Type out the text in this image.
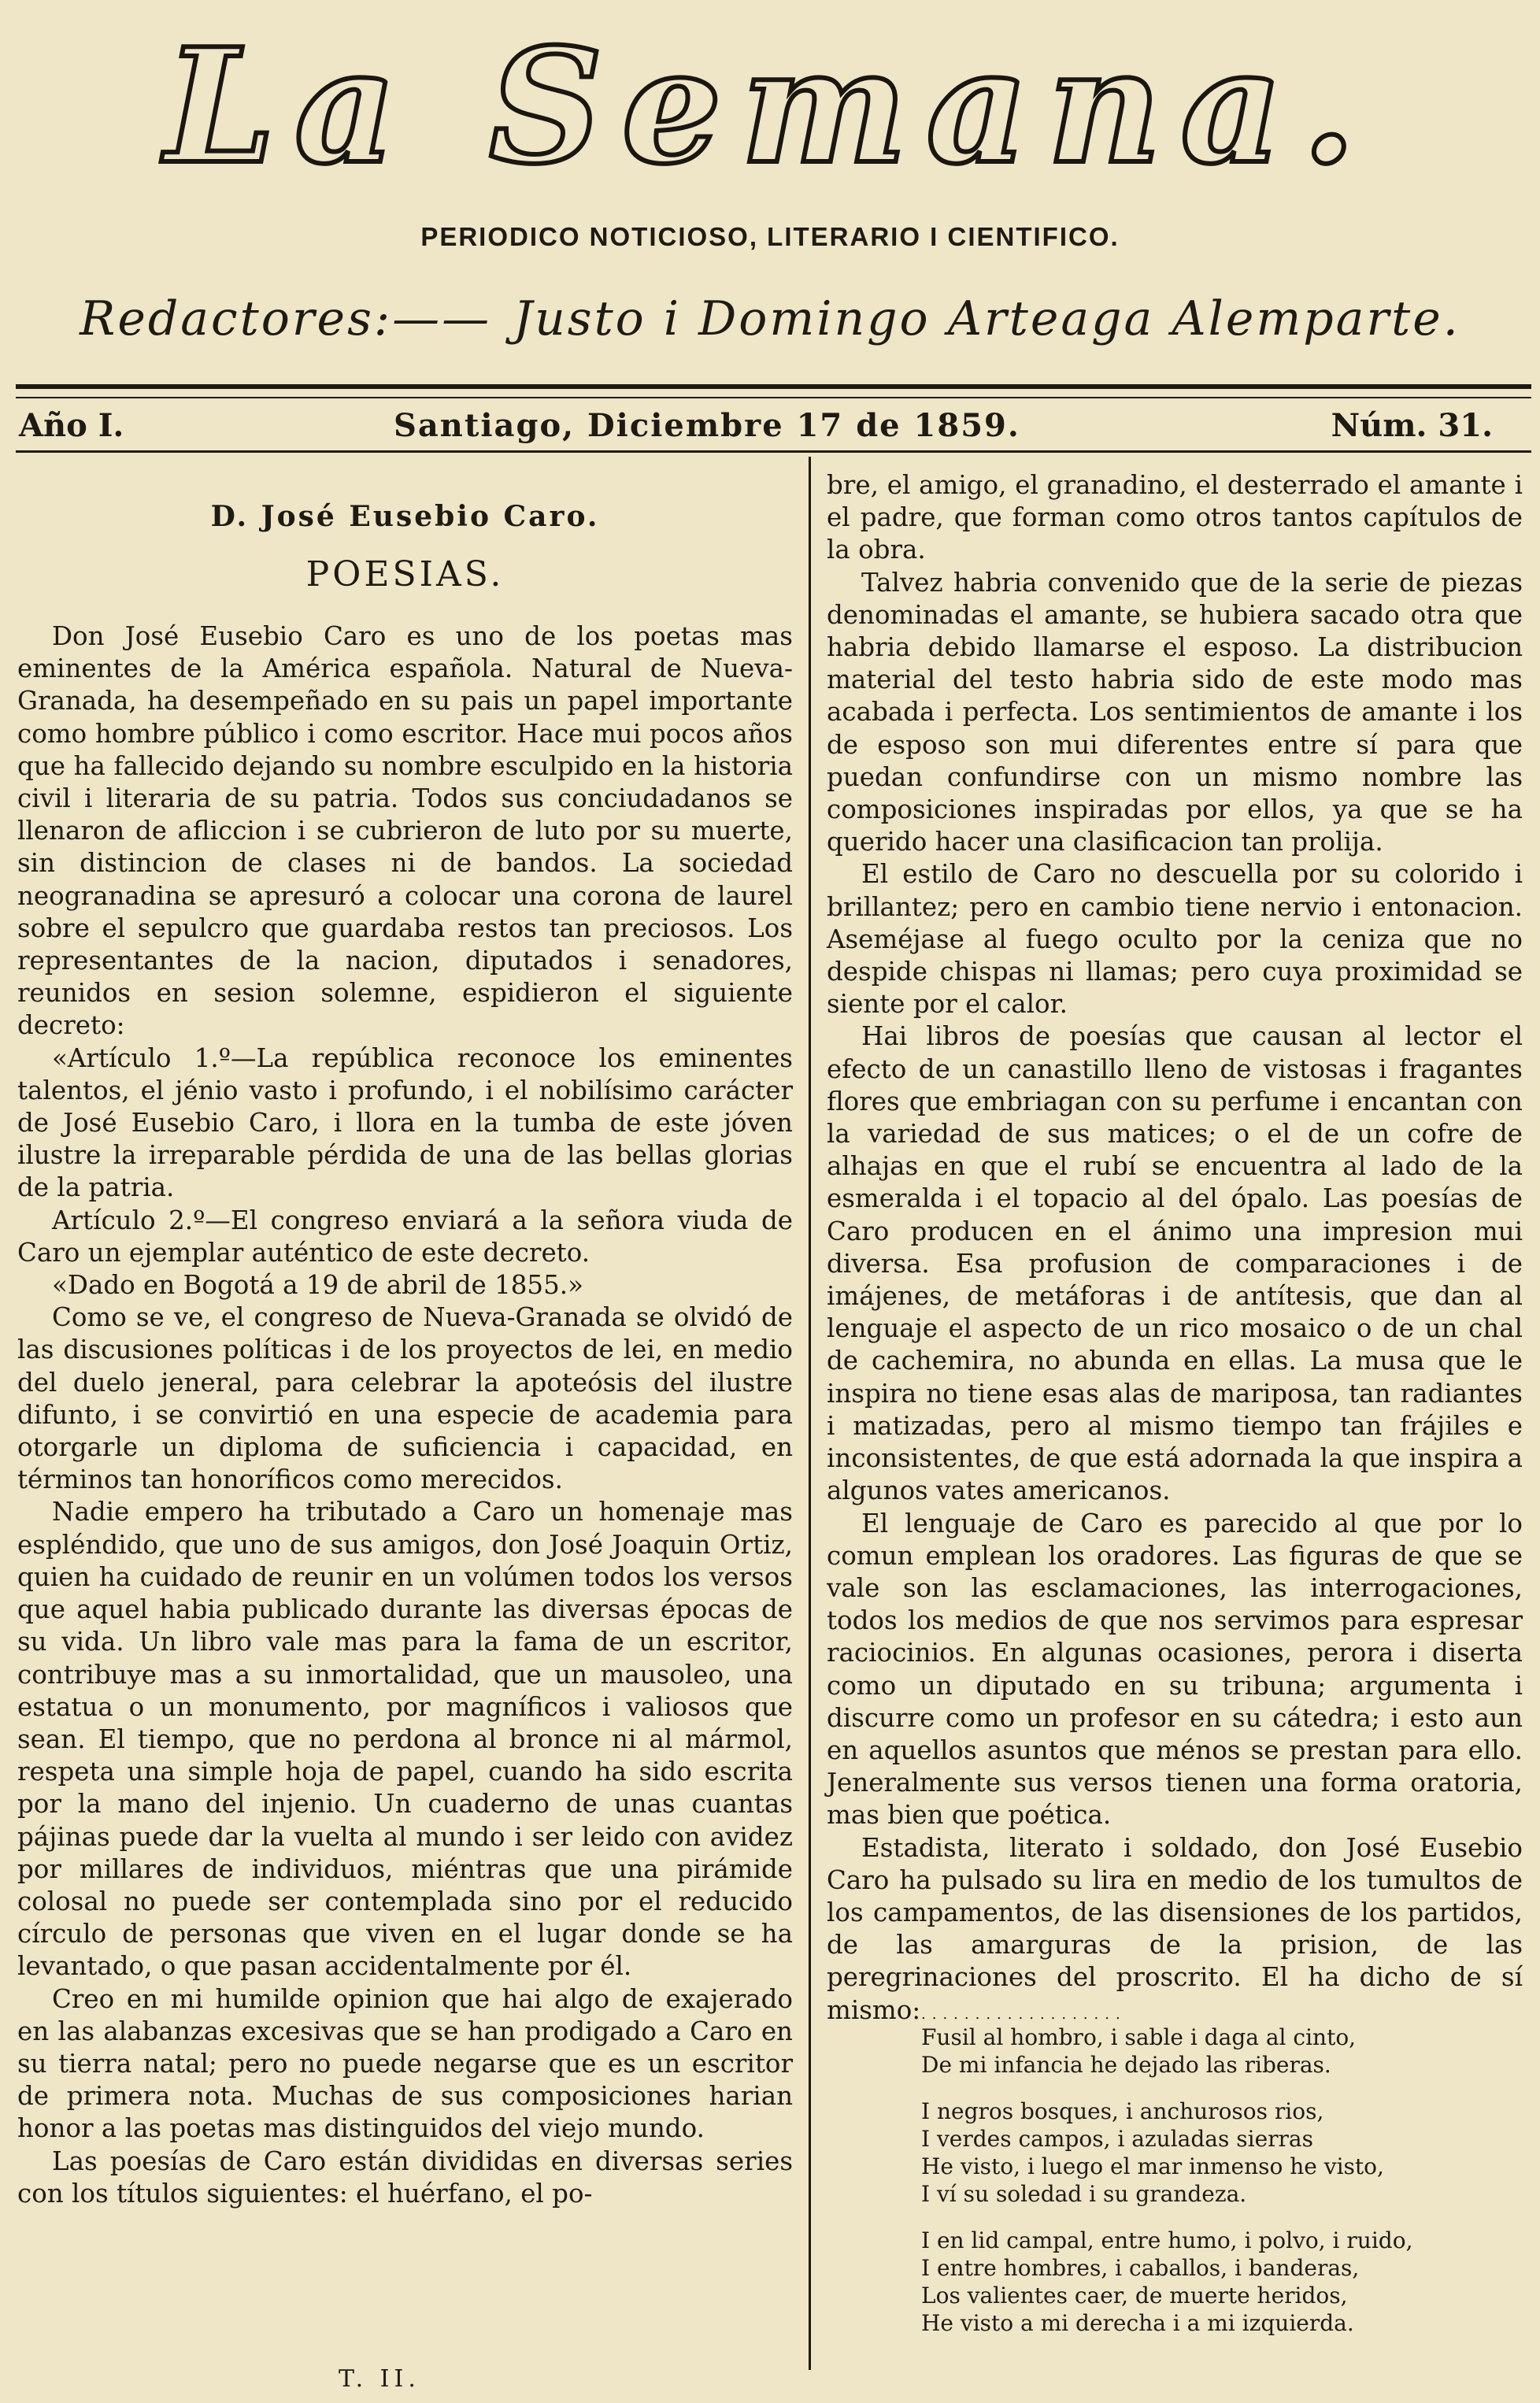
La Semana.
PERIODICO NOTICIOSO, LITERARIO I CIENTIFICO.
Redactores:—— Justo i Domingo Arteaga Alemparte.
Año I.	Santiago, Diciembre 17 de 1859.	Núm. 31.
D. José Eusebio Caro.
POESIAS.

Don José Eusebio Caro es uno de los poetas mas eminentes de la América española. Natural de Nueva-Granada, ha desempeñado en su pais un papel importante como hombre público i como escritor. Hace mui pocos años que ha fallecido dejando su nombre esculpido en la historia civil i literaria de su patria. Todos sus conciudadanos se llenaron de afliccion i se cubrieron de luto por su muerte, sin distincion de clases ni de bandos. La sociedad neogranadina se apresuró a colocar una corona de laurel sobre el sepulcro que guardaba restos tan preciosos. Los representantes de la nacion, diputados i senadores, reunidos en sesion solemne, espidieron el siguiente decreto:

«Artículo 1.º—La república reconoce los eminentes talentos, el jénio vasto i profundo, i el nobilísimo carácter de José Eusebio Caro, i llora en la tumba de este jóven ilustre la irreparable pérdida de una de las bellas glorias de la patria.

Artículo 2.º—El congreso enviará a la señora viuda de Caro un ejemplar auténtico de este decreto.

«Dado en Bogotá a 19 de abril de 1855.»

Como se ve, el congreso de Nueva-Granada se olvidó de las discusiones políticas i de los proyectos de lei, en medio del duelo jeneral, para celebrar la apoteósis del ilustre difunto, i se convirtió en una especie de academia para otorgarle un diploma de suficiencia i capacidad, en términos tan honoríficos como merecidos.

Nadie empero ha tributado a Caro un homenaje mas espléndido, que uno de sus amigos, don José Joaquin Ortiz, quien ha cuidado de reunir en un volúmen todos los versos que aquel habia publicado durante las diversas épocas de su vida. Un libro vale mas para la fama de un escritor, contribuye mas a su inmortalidad, que un mausoleo, una estatua o un monumento, por magníficos i valiosos que sean. El tiempo, que no perdona al bronce ni al mármol, respeta una simple hoja de papel, cuando ha sido escrita por la mano del injenio. Un cuaderno de unas cuantas pájinas puede dar la vuelta al mundo i ser leido con avidez por millares de individuos, miéntras que una pirámide colosal no puede ser contemplada sino por el reducido círculo de personas que viven en el lugar donde se ha levantado, o que pasan accidentalmente por él.

Creo en mi humilde opinion que hai algo de exajerado en las alabanzas excesivas que se han prodigado a Caro en su tierra natal; pero no puede negarse que es un escritor de primera nota. Muchas de sus composiciones harian honor a las poetas mas distinguidos del viejo mundo.

Las poesías de Caro están divididas en diversas series con los títulos siguientes: el huérfano, el po-

bre, el amigo, el granadino, el desterrado el amante i el padre, que forman como otros tantos capítulos de la obra.

Talvez habria convenido que de la serie de piezas denominadas el amante, se hubiera sacado otra que habria debido llamarse el esposo. La distribucion material del testo habria sido de este modo mas acabada i perfecta. Los sentimientos de amante i los de esposo son mui diferentes entre sí para que puedan confundirse con un mismo nombre las composiciones inspiradas por ellos, ya que se ha querido hacer una clasificacion tan prolija.

El estilo de Caro no descuella por su colorido i brillantez; pero en cambio tiene nervio i entonacion. Aseméjase al fuego oculto por la ceniza que no despide chispas ni llamas; pero cuya proximidad se siente por el calor.

Hai libros de poesías que causan al lector el efecto de un canastillo lleno de vistosas i fragantes flores que embriagan con su perfume i encantan con la variedad de sus matices; o el de un cofre de alhajas en que el rubí se encuentra al lado de la esmeralda i el topacio al del ópalo. Las poesías de Caro producen en el ánimo una impresion mui diversa. Esa profusion de comparaciones i de imájenes, de metáforas i de antítesis, que dan al lenguaje el aspecto de un rico mosaico o de un chal de cachemira, no abunda en ellas. La musa que le inspira no tiene esas alas de mariposa, tan radiantes i matizadas, pero al mismo tiempo tan frájiles e inconsistentes, de que está adornada la que inspira a algunos vates americanos.

El lenguaje de Caro es parecido al que por lo comun emplean los oradores. Las figuras de que se vale son las esclamaciones, las interrogaciones, todos los medios de que nos servimos para espresar raciocinios. En algunas ocasiones, perora i diserta como un diputado en su tribuna; argumenta i discurre como un profesor en su cátedra; i esto aun en aquellos asuntos que ménos se prestan para ello. Jeneralmente sus versos tienen una forma oratoria, mas bien que poética.

Estadista, literato i soldado, don José Eusebio Caro ha pulsado su lira en medio de los tumultos de los campamentos, de las disensiones de los partidos, de las amarguras de la prision, de las peregrinaciones del proscrito. El ha dicho de sí mismo: ...................
Fusil al hombro, i sable i daga al cinto,
De mi infancia he dejado las riberas.
I negros bosques, i anchurosos rios,
I verdes campos, i azuladas sierras
He visto, i luego el mar inmenso he visto,
I ví su soledad i su grandeza.
I en lid campal, entre humo, i polvo, i ruido,
I entre hombres, i caballos, i banderas,
Los valientes caer, de muerte heridos,
He visto a mi derecha i a mi izquierda.
T. II.
